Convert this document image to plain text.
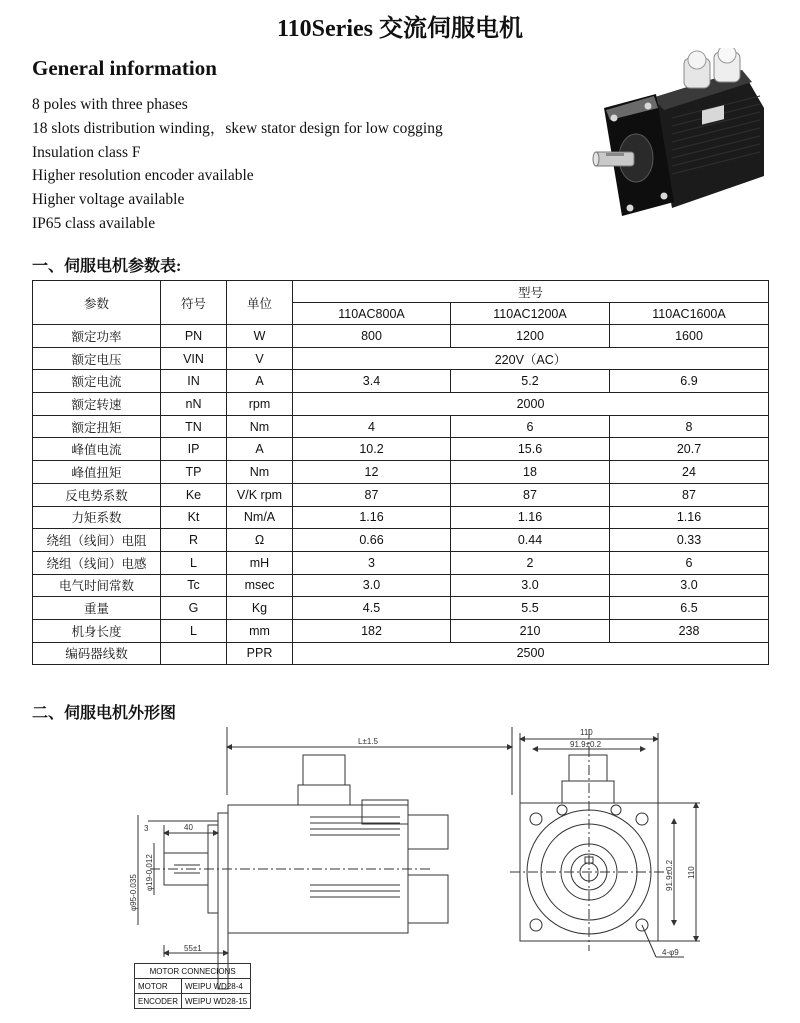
110Series 交流伺服电机
General information
8 poles with three phases
18 slots distribution winding，skew stator design for low cogging
Insulation class F
Higher resolution encoder available
Higher voltage available
IP65 class available
一、伺服电机参数表:
参数	符号	单位	型号		
			110AC800A	110AC1200A	110AC1600A
额定功率	PN	W	800	1200	1600
额定电压	VIN	V	220V（AC）		
额定电流	IN	A	3.4	5.2	6.9
额定转速	nN	rpm	2000		
额定扭矩	TN	Nm	4	6	8
峰值电流	IP	A	10.2	15.6	20.7
峰值扭矩	TP	Nm	12	18	24
反电势系数	Ke	V/K rpm	87	87	87
力矩系数	Kt	Nm/A	1.16	1.16	1.16
绕组（线间）电阻	R	Ω	0.66	0.44	0.33
绕组（线间）电感	L	mH	3	2	6
电气时间常数	Tc	msec	3.0	3.0	3.0
重量	G	Kg	4.5	5.5	6.5
机身长度	L	mm	182	210	238
编码器线数		PPR	2500		
二、伺服电机外形图
L±1.5
40
3
55±1
φ95-0.035
φ19-0.012
110
91.9±0.2
91.9±0.2 110
4-φ9
MOTOR CONNECIONS	
MOTOR	WEIPU WD28-4
ENCODER	WEIPU WD28-15
